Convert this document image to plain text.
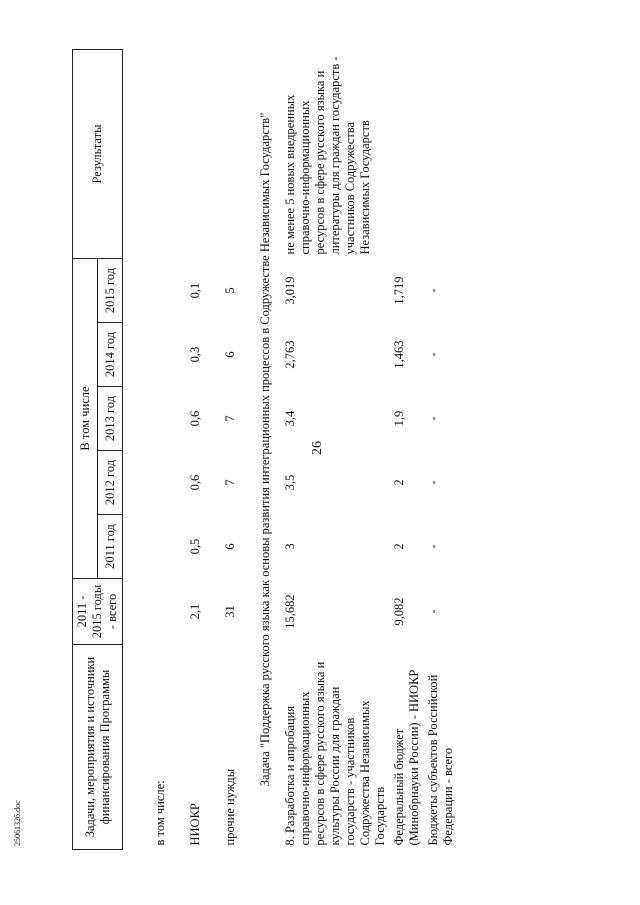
26
2506132б.doc	Задачи, мероприятия и источники финансирования Программы	2011 - 2015 годы - всего	В том числе					Результаты
		2011 год	2012 год	2013 год	2014 год	2015 год	

в том числе:							
НИОКР	2,1	0,5	0,6	0,6	0,3	0,1	
прочие нужды	31	6	7	7	6	5	
Задача "Поддержка русского языка как основы развития интеграционных процессов в Содружестве Независимых Государств"							
8. Разработка и апробация справочно-информационных ресурсов в сфере русского языка и культуры России для граждан государств - участников Содружества Независимых Государств	15,682	3	3,5	3,4	2,763	3,019	не менее 5 новых внедренных справочно-информационных ресурсов в сфере русского языка и литературы для граждан государств - участников Содружества Независимых Государств
Федеральный бюджет (Минобрнауки России) - НИОКР	9,082	2	2	1,9	1,463	1,719	
Бюджеты субъектов Российской Федерации - всего	-	-	-	-	-	-	
